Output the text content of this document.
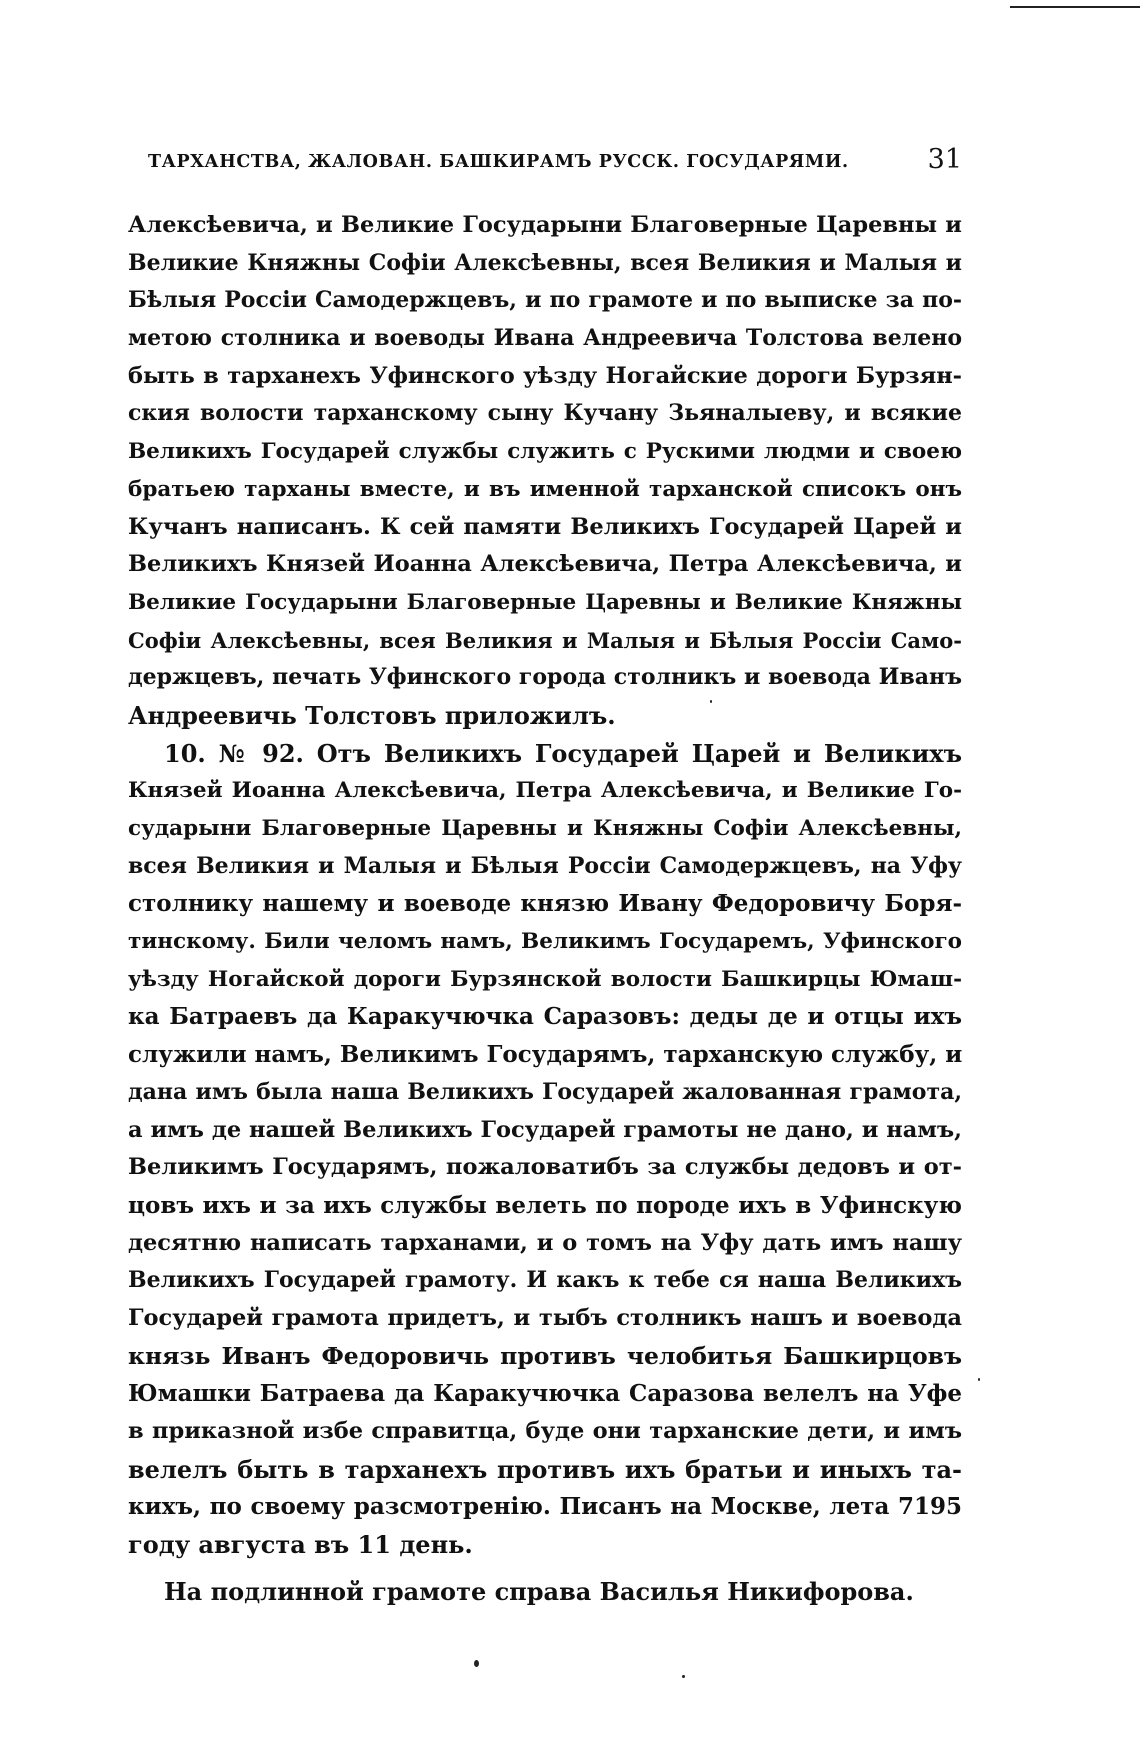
ТАРХАНСТВА, ЖАЛОВАН. БАШКИРАМЪ РУССК. ГОСУДАРЯМИ.	31
Алексѣевича, и Великие Государыни Благоверные Царевны и
Великие Княжны Софіи Алексѣевны, всея Великия и Малыя и
Бѣлыя Россіи Самодержцевъ, и по грамоте и по выписке за по-
метою столника и воеводы Ивана Андреевича Толстова велено
быть в тарханехъ Уфинского уѣзду Ногайские дороги Бурзян-
ския волости тарханскому сыну Кучану Зьяналыеву, и всякие
Великихъ Государей службы служить с Рускими людми и своею
братьею тарханы вместе, и въ именной тарханской списокъ онъ
Кучанъ написанъ. К сей памяти Великихъ Государей Царей и
Великихъ Князей Иоанна Алексѣевича, Петра Алексѣевича, и
Великие Государыни Благоверные Царевны и Великие Княжны
Софіи Алексѣевны, всея Великия и Малыя и Бѣлыя Россіи Само-
держцевъ, печать Уфинского города столникъ и воевода Иванъ
Андреевичь Толстовъ приложилъ.
10. № 92. Отъ Великихъ Государей Царей и Великихъ
Князей Иоанна Алексѣевича, Петра Алексѣевича, и Великие Го-
сударыни Благоверные Царевны и Княжны Софіи Алексѣевны,
всея Великия и Малыя и Бѣлыя Россіи Самодержцевъ, на Уфу
столнику нашему и воеводе князю Ивану Федоровичу Боря-
тинскому. Били челомъ намъ, Великимъ Государемъ, Уфинского
уѣзду Ногайской дороги Бурзянской волости Башкирцы Юмаш-
ка Батраевъ да Каракучючка Саразовъ: деды де и отцы ихъ
служили намъ, Великимъ Государямъ, тарханскую службу, и
дана имъ была наша Великихъ Государей жалованная грамота,
а имъ де нашей Великихъ Государей грамоты не дано, и намъ,
Великимъ Государямъ, пожаловатибъ за службы дедовъ и от-
цовъ ихъ и за ихъ службы велеть по породе ихъ в Уфинскую
десятню написать тарханами, и о томъ на Уфу дать имъ нашу
Великихъ Государей грамоту. И какъ к тебе ся наша Великихъ
Государей грамота придетъ, и тыбъ столникъ нашъ и воевода
князь Иванъ Федоровичь противъ челобитья Башкирцовъ
Юмашки Батраева да Каракучючка Саразова велелъ на Уфе
в приказной избе справитца, буде они тарханские дети, и имъ
велелъ быть в тарханехъ противъ ихъ братьи и иныхъ та-
кихъ, по своему разсмотренію. Писанъ на Москве, лета 7195
году августа въ 11 день.
На подлинной грамоте справа Василья Никифорова.
